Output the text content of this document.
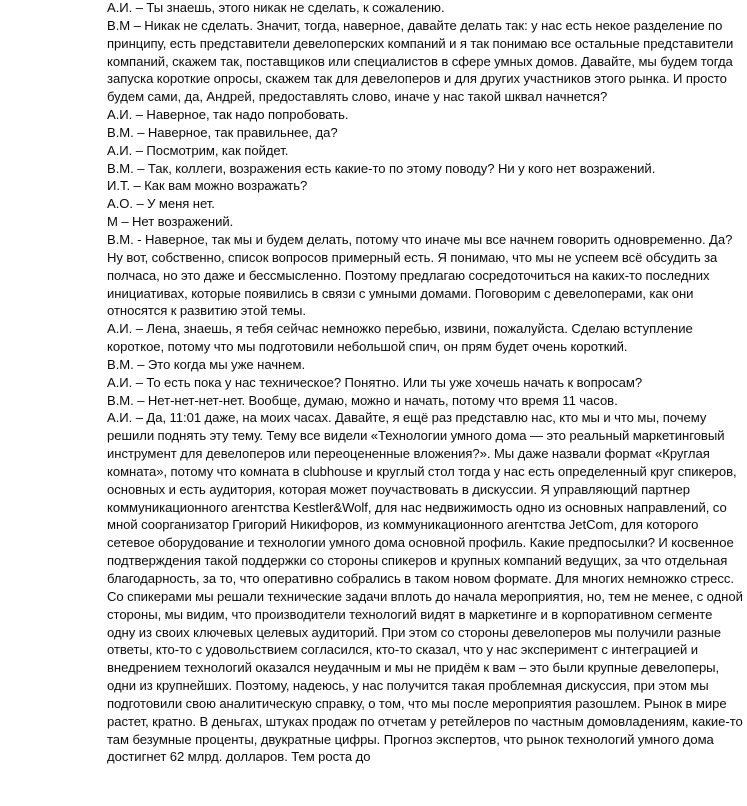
А.И. – Ты знаешь, этого никак не сделать, к сожалению.

В.М – Никак не сделать. Значит, тогда, наверное, давайте делать так: у нас есть некое разделение по принципу, есть представители девелоперских компаний и я так понимаю все остальные представители компаний, скажем так, поставщиков или специалистов в сфере умных домов. Давайте, мы будем тогда запуска короткие опросы, скажем так для девелоперов и для других участников этого рынка. И просто будем сами, да, Андрей, предоставлять слово, иначе у нас такой шквал начнется?

А.И. – Наверное, так надо попробовать.

В.М. – Наверное, так правильнее, да?

А.И. – Посмотрим, как пойдет.

В.М. – Так, коллеги, возражения есть какие-то по этому поводу? Ни у кого нет возражений.

И.Т. – Как вам можно возражать?

А.О. – У меня нет.

М – Нет возражений.

В.М. - Наверное, так мы и будем делать, потому что иначе мы все начнем говорить одновременно. Да? Ну вот, собственно, список вопросов примерный есть. Я понимаю, что мы не успеем всё обсудить за полчаса, но это даже и бессмысленно. Поэтому предлагаю сосредоточиться на каких-то последних инициативах, которые появились в связи с умными домами. Поговорим с девелоперами, как они относятся к развитию этой темы.

А.И. – Лена, знаешь, я тебя сейчас немножко перебью, извини, пожалуйста. Сделаю вступление короткое, потому что мы подготовили небольшой спич, он прям будет очень короткий.

В.М. – Это когда мы уже начнем.

А.И. – То есть пока у нас техническое? Понятно. Или ты уже хочешь начать к вопросам?

В.М. – Нет-нет-нет-нет. Вообще, думаю, можно и начать, потому что время 11 часов.

А.И. – Да, 11:01 даже, на моих часах. Давайте, я ещё раз представлю нас, кто мы и что мы, почему решили поднять эту тему. Тему все видели «Технологии умного дома — это реальный маркетинговый инструмент для девелоперов или переоцененные вложения?». Мы даже назвали формат «Круглая комната», потому что комната в clubhouse и круглый стол тогда у нас есть определенный круг спикеров, основных и есть аудитория, которая может поучаствовать в дискуссии. Я управляющий партнер коммуникационного агентства Kestler&Wolf, для нас недвижимость одно из основных направлений, со мной соорганизатор Григорий Никифоров, из коммуникационного агентства JetCom, для которого сетевое оборудование и технологии умного дома основной профиль. Какие предпосылки? И косвенное подтверждения такой поддержки со стороны спикеров и крупных компаний ведущих, за что отдельная благодарность, за то, что оперативно собрались в таком новом формате. Для многих немножко стресс. Со спикерами мы решали технические задачи вплоть до начала мероприятия, но, тем не менее, с одной стороны, мы видим, что производители технологий видят в маркетинге и в корпоративном сегменте одну из своих ключевых целевых аудиторий. При этом со стороны девелоперов мы получили разные ответы, кто-то с удовольствием согласился, кто-то сказал, что у нас эксперимент с интеграцией и внедрением технологий оказался неудачным и мы не придём к вам – это были крупные девелоперы, одни из крупнейших. Поэтому, надеюсь, у нас получится такая проблемная дискуссия, при этом мы подготовили свою аналитическую справку, о том, что мы после мероприятия разошлем. Рынок в мире растет, кратно. В деньгах, штуках продаж по отчетам у ретейлеров по частным домовладениям, какие-то там безумные проценты, двукратные цифры. Прогноз экспертов, что рынок технологий умного дома достигнет 62 млрд. долларов. Тем роста до
